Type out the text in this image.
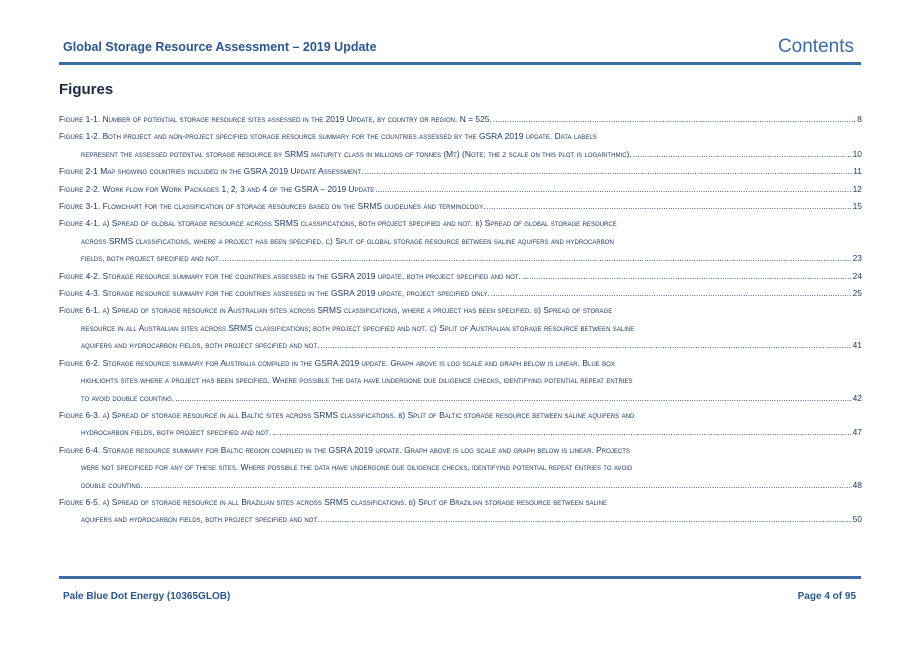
Global Storage Resource Assessment – 2019 Update	Contents
Figures
Figure 1-1. Number of potential storage resource sites assessed in the 2019 Update, by country or region. N = 525. .....	8
Figure 1-2. Both project and non-project specified storage resource summary for the countries assessed by the GSRA 2019 update. Data labels
represent the assessed potential storage resource by SRMS maturity class in millions of tonnes (Mt) (Note: the z scale on this plot is logarithmic). .....	10
Figure 2-1 Map showing countries included in the GSRA 2019 Update Assessment. .....	11
Figure 2-2. Work flow for Work Packages 1, 2, 3 and 4 of the GSRA – 2019 Update .....	12
Figure 3-1. Flowchart for the classification of storage resources based on the SRMS guidelines and terminology. .....	15
Figure 4-1. a) Spread of global storage resource across SRMS classifications, both project specified and not. b) Spread of global storage resource
across SRMS classifications, where a project has been specified. c) Split of global storage resource between saline aquifers and hydrocarbon
fields, both project specified and not. .....	23
Figure 4-2. Storage resource summary for the countries assessed in the GSRA 2019 update, both project specified and not. .....	24
Figure 4-3. Storage resource summary for the countries assessed in the GSRA 2019 update, project specified only. .....	25
Figure 6-1. a) Spread of storage resource in Australian sites across SRMS classifications, where a project has been specified. b) Spread of storage
resource in all Australian sites across SRMS classifications; both project specified and not. c) Split of Australian storage resource between saline
aquifers and hydrocarbon fields, both project specified and not. .....	41
Figure 6-2. Storage resource summary for Australia compiled in the GSRA 2019 update. Graph above is log scale and graph below is linear. Blue box
highlights sites where a project has been specified. Where possible the data have undergone due diligence checks, identifying potential repeat entries
to avoid double counting. .....	42
Figure 6-3. a) Spread of storage resource in all Baltic sites across SRMS classifications. b) Split of Baltic storage resource between saline aquifers and
hydrocarbon fields, both project specified and not. .....	47
Figure 6-4. Storage resource summary for Baltic region compiled in the GSRA 2019 update. Graph above is log scale and graph below is linear. Projects
were not specificed for any of these sites. Where possible the data have undergone due diligence checks, identifying potential repeat entries to avoid
double counting. .....	48
Figure 6-5. a) Spread of storage resource in all Brazilian sites across SRMS classifications. b) Split of Brazilian storage resource between saline
aquifers and hydrocarbon fields, both project specified and not. .....	50
Pale Blue Dot Energy (10365GLOB)	Page 4 of 95
